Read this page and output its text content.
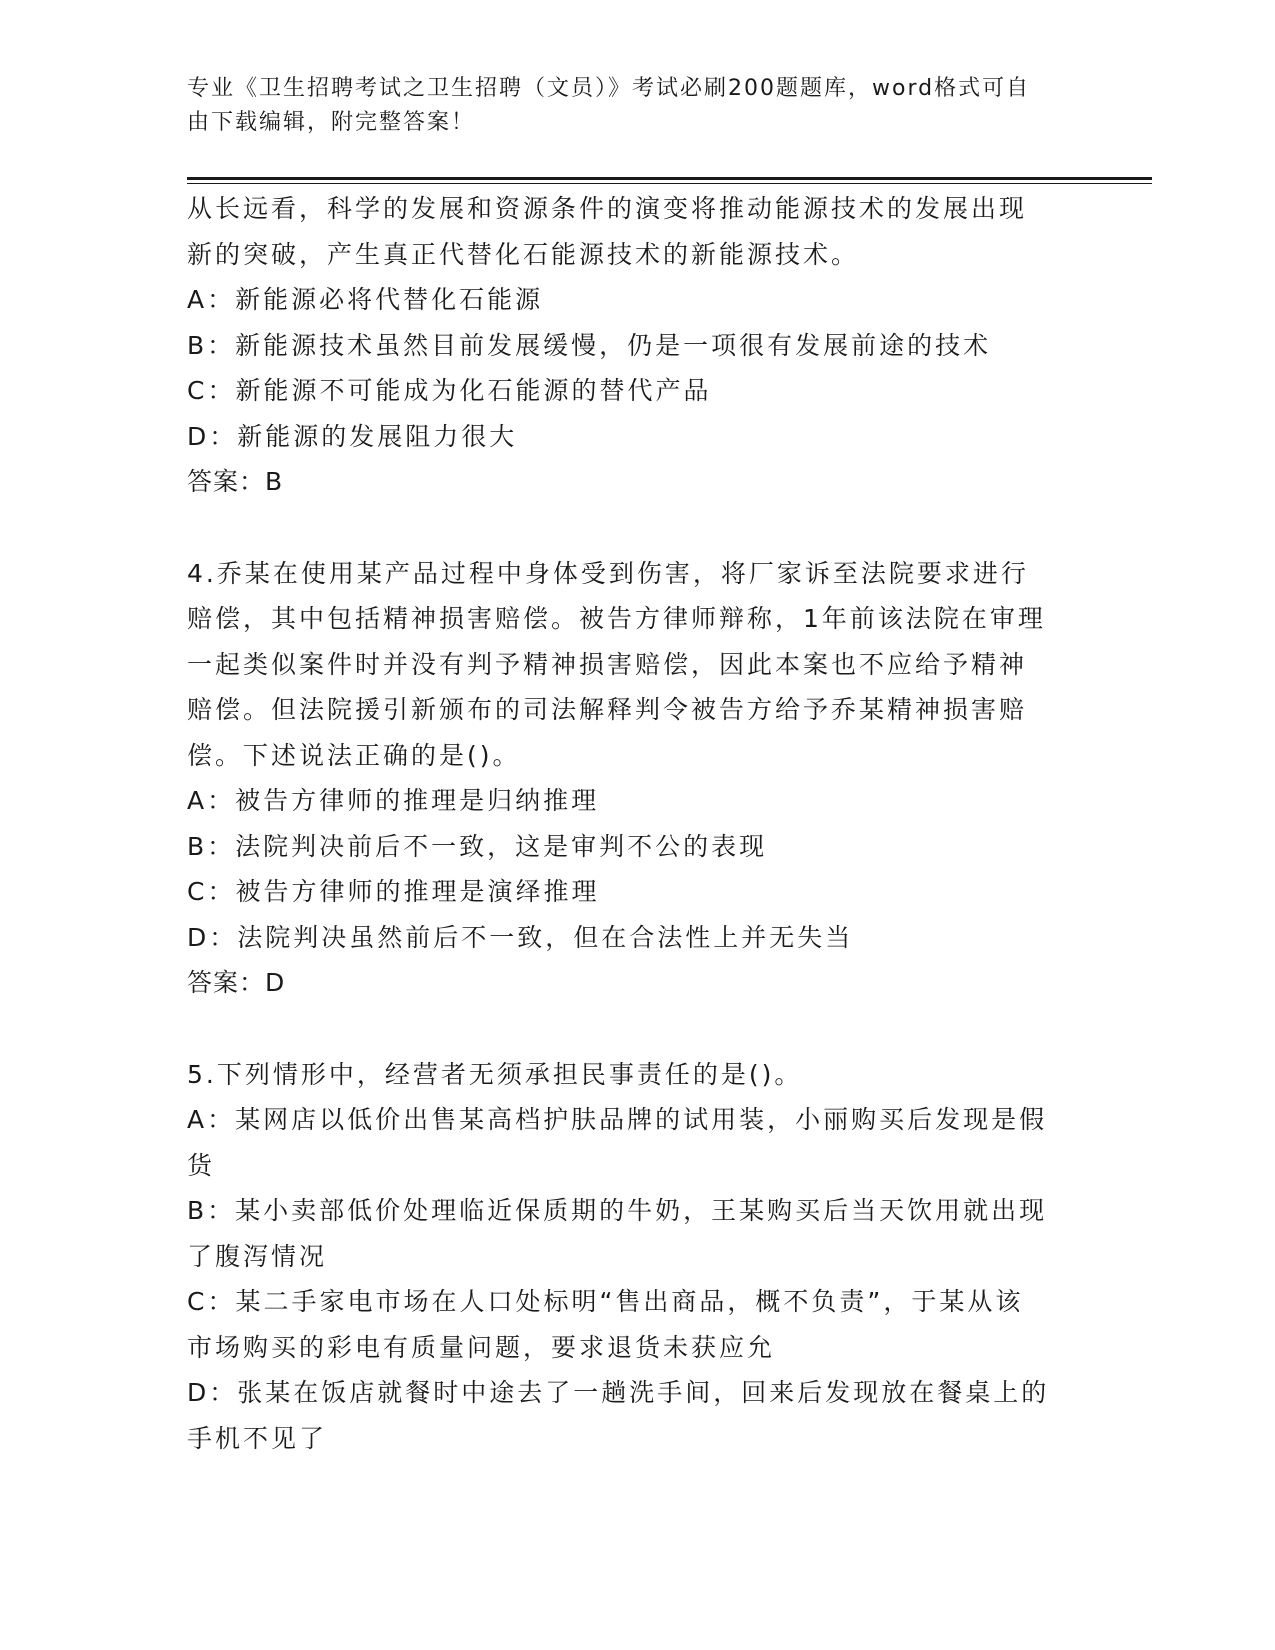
专业《卫生招聘考试之卫生招聘（文员）》考试必刷200题题库，word格式可自
由下载编辑，附完整答案！
从长远看，科学的发展和资源条件的演变将推动能源技术的发展出现
新的突破，产生真正代替化石能源技术的新能源技术。
A：新能源必将代替化石能源
B：新能源技术虽然目前发展缓慢，仍是一项很有发展前途的技术
C：新能源不可能成为化石能源的替代产品
D：新能源的发展阻力很大
答案：B
4.乔某在使用某产品过程中身体受到伤害，将厂家诉至法院要求进行
赔偿，其中包括精神损害赔偿。被告方律师辩称，1年前该法院在审理
一起类似案件时并没有判予精神损害赔偿，因此本案也不应给予精神
赔偿。但法院援引新颁布的司法解释判令被告方给予乔某精神损害赔
偿。下述说法正确的是()。
A：被告方律师的推理是归纳推理
B：法院判决前后不一致，这是审判不公的表现
C：被告方律师的推理是演绎推理
D：法院判决虽然前后不一致，但在合法性上并无失当
答案：D
5.下列情形中，经营者无须承担民事责任的是()。
A：某网店以低价出售某高档护肤品牌的试用装，小丽购买后发现是假
货
B：某小卖部低价处理临近保质期的牛奶，王某购买后当天饮用就出现
了腹泻情况
C：某二手家电市场在人口处标明“售出商品，概不负责”，于某从该
市场购买的彩电有质量问题，要求退货未获应允
D：张某在饭店就餐时中途去了一趟洗手间，回来后发现放在餐桌上的
手机不见了
